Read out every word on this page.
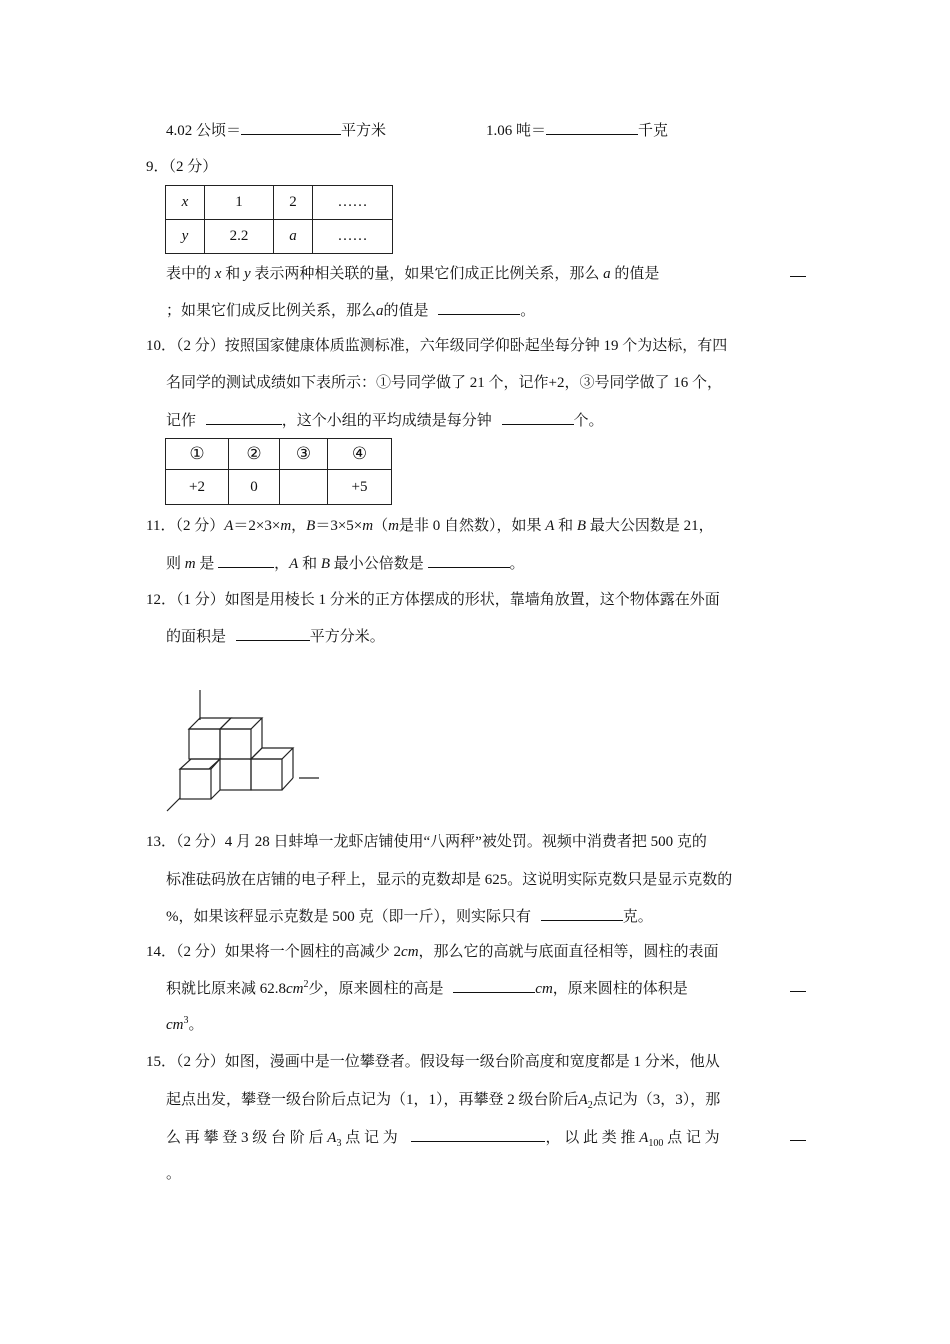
4.02 公顷＝	平方米	1.06 吨＝	千克
9．（2 分）
x	1	2	……
y	2.2	a	……
表中的 x 和 y 表示两种相关联的量，如果它们成正比例关系，那么 a 的值是
；如果它们成反比例关系，那么a的值是	。
10．（2 分）按照国家健康体质监测标准，六年级同学仰卧起坐每分钟 19 个为达标，有四
名同学的测试成绩如下表所示：①号同学做了 21 个，记作+2，③号同学做了 16 个，
记作	，这个小组的平均成绩是每分钟	个。
①	②	③	④
+2	0		+5
11．（2 分）A＝2×3×m，B＝3×5×m（m是非 0 自然数），如果 A 和 B 最大公因数是 21，
则 m 是	，A 和 B 最小公倍数是	。
12．（1 分）如图是用棱长 1 分米的正方体摆成的形状，靠墙角放置，这个物体露在外面
的面积是	平方分米。
13．（2 分）4 月 28 日蚌埠一龙虾店铺使用“八两秤”被处罚。视频中消费者把 500 克的
标准砝码放在店铺的电子秤上，显示的克数却是 625。这说明实际克数只是显示克数的
%，如果该秤显示克数是 500 克（即一斤），则实际只有	克。
14．（2 分）如果将一个圆柱的高减少 2cm，那么它的高就与底面直径相等，圆柱的表面
积就比原来减 $62.8cm^2$少，原来圆柱的高是	cm，原来圆柱的体积是
$cm^3$。
15．（2 分）如图，漫画中是一位攀登者。假设每一级台阶高度和宽度都是 1 分米，他从
起点出发，攀登一级台阶后点记为（1，1），再攀登 2 级台阶后$A_2$点记为（3，3），那
么 再 攀 登 3 级 台 阶 后 $A_3$ 点 记 为	， 以 此 类 推 $A_{100}$ 点 记 为
。
